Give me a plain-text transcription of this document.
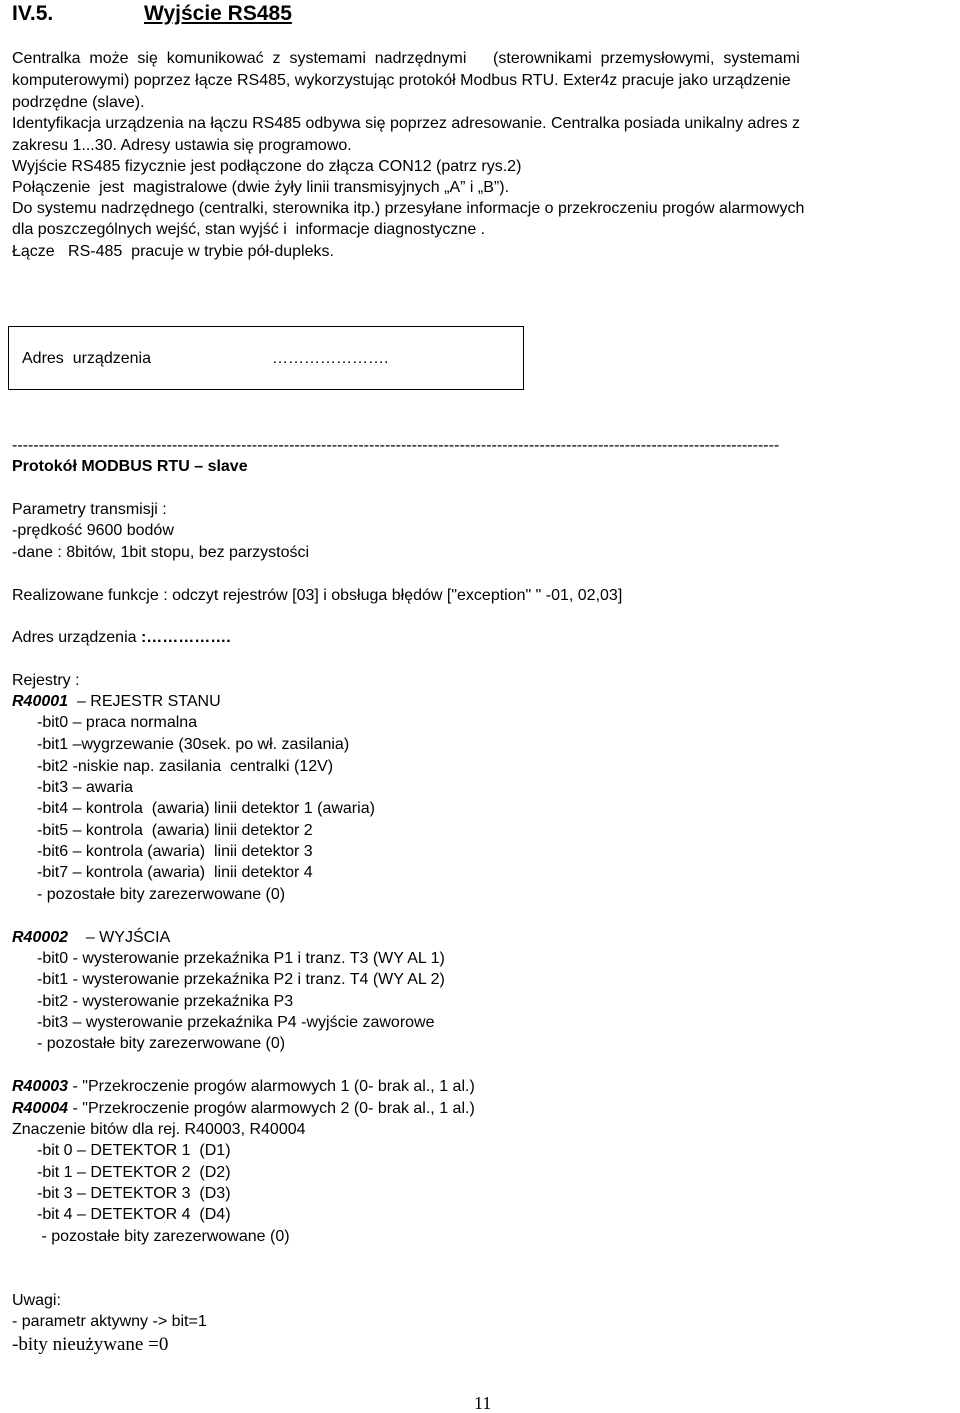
IV.5.	Wyjście RS485
Centralka  może  się  komunikować  z  systemami  nadrzędnymi      (sterownikami  przemysłowymi,  systemami
komputerowymi) poprzez łącze RS485, wykorzystując protokół Modbus RTU. Exter4z pracuje jako urządzenie
podrzędne (slave).
Identyfikacja urządzenia na łączu RS485 odbywa się poprzez adresowanie. Centralka posiada unikalny adres z
zakresu 1...30. Adresy ustawia się programowo.
Wyjście RS485 fizycznie jest podłączone do złącza CON12 (patrz rys.2)
Połączenie  jest  magistralowe (dwie żyły linii transmisyjnych „A” i „B”).
Do systemu nadrzędnego (centralki, sterownika itp.) przesyłane informacje o przekroczeniu progów alarmowych
dla poszczególnych wejść, stan wyjść i  informacje diagnostyczne .
Łącze   RS-485  pracuje w trybie pół-dupleks.
Adres  urządzenia	………………….
------------------------------------------------------------------------------------------------------------------------------------------------
Protokół MODBUS RTU – slave
Parametry transmisji :
-prędkość 9600 bodów
-dane : 8bitów, 1bit stopu, bez parzystości
Realizowane funkcje : odczyt rejestrów [03] i obsługa błędów ["exception" " -01, 02,03]
Adres urządzenia :…………….
Rejestry :
R40001  – REJESTR STANU
-bit0 – praca normalna
-bit1 –wygrzewanie (30sek. po wł. zasilania)
-bit2 -niskie nap. zasilania  centralki (12V)
-bit3 – awaria
-bit4 – kontrola  (awaria) linii detektor 1 (awaria)
-bit5 – kontrola  (awaria) linii detektor 2
-bit6 – kontrola (awaria)  linii detektor 3
-bit7 – kontrola (awaria)  linii detektor 4
- pozostałe bity zarezerwowane (0)
R40002    – WYJŚCIA
-bit0 - wysterowanie przekaźnika P1 i tranz. T3 (WY AL 1)
-bit1 - wysterowanie przekaźnika P2 i tranz. T4 (WY AL 2)
-bit2 - wysterowanie przekaźnika P3
-bit3 – wysterowanie przekaźnika P4 -wyjście zaworowe
- pozostałe bity zarezerwowane (0)
R40003 - "Przekroczenie progów alarmowych 1 (0- brak al., 1 al.)
R40004 - "Przekroczenie progów alarmowych 2 (0- brak al., 1 al.)
Znaczenie bitów dla rej. R40003, R40004
-bit 0 – DETEKTOR 1  (D1)
-bit 1 – DETEKTOR 2  (D2)
-bit 3 – DETEKTOR 3  (D3)
-bit 4 – DETEKTOR 4  (D4)
- pozostałe bity zarezerwowane (0)
Uwagi:
- parametr aktywny -> bit=1
-bity nieużywane =0
11
